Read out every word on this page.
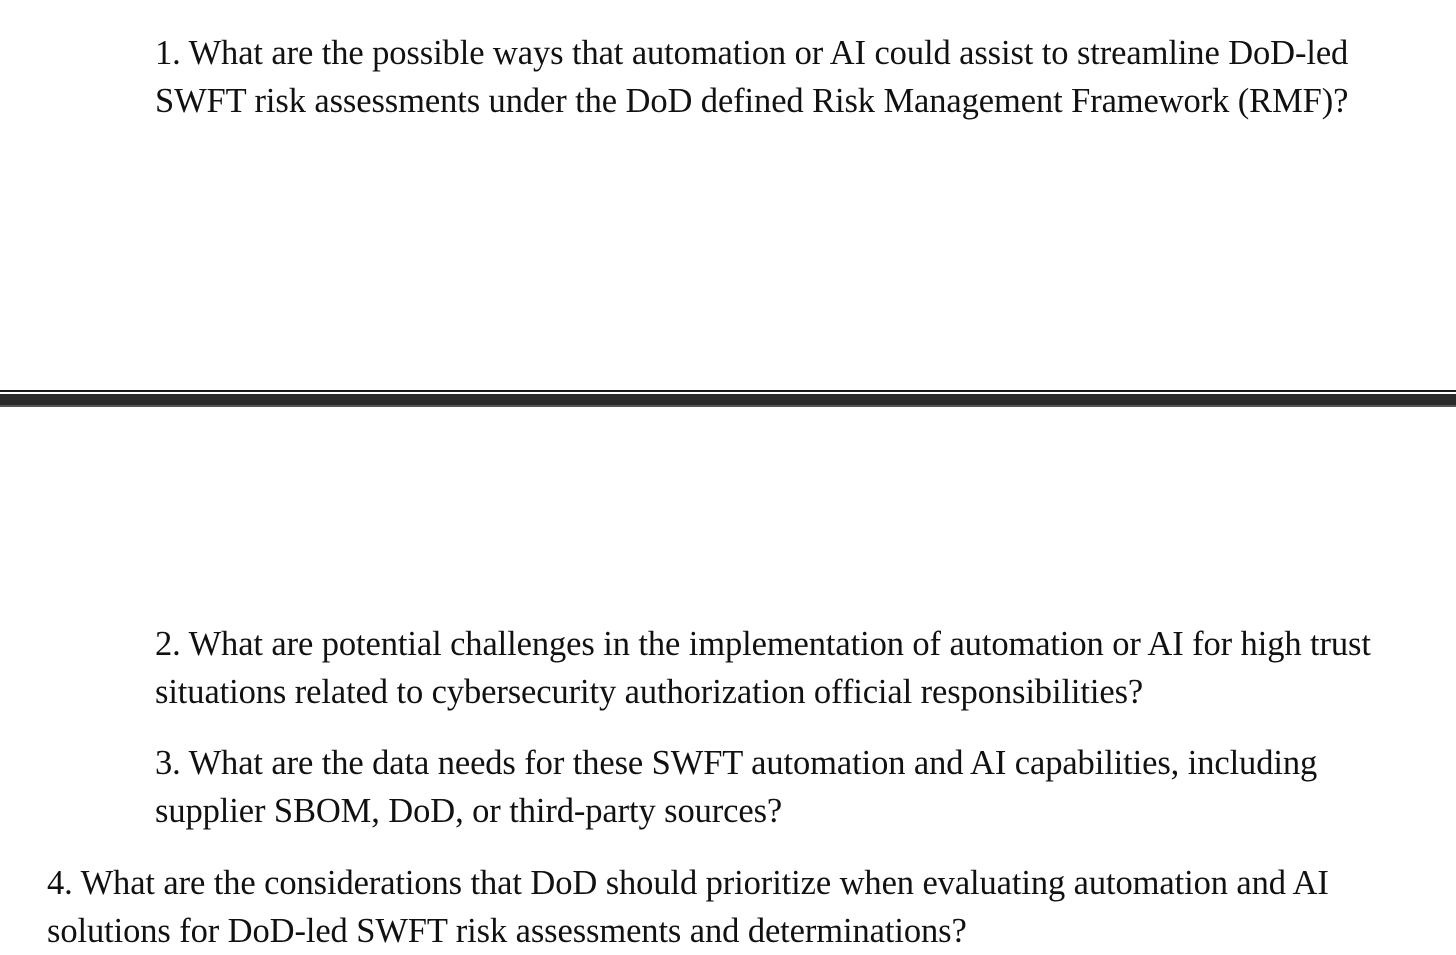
1. What are the possible ways that automation or AI could assist to streamline DoD-led
SWFT risk assessments under the DoD defined Risk Management Framework (RMF)?

2. What are potential challenges in the implementation of automation or AI for high trust
situations related to cybersecurity authorization official responsibilities?

3. What are the data needs for these SWFT automation and AI capabilities, including
supplier SBOM, DoD, or third-party sources?

4. What are the considerations that DoD should prioritize when evaluating automation and AI
solutions for DoD-led SWFT risk assessments and determinations?
